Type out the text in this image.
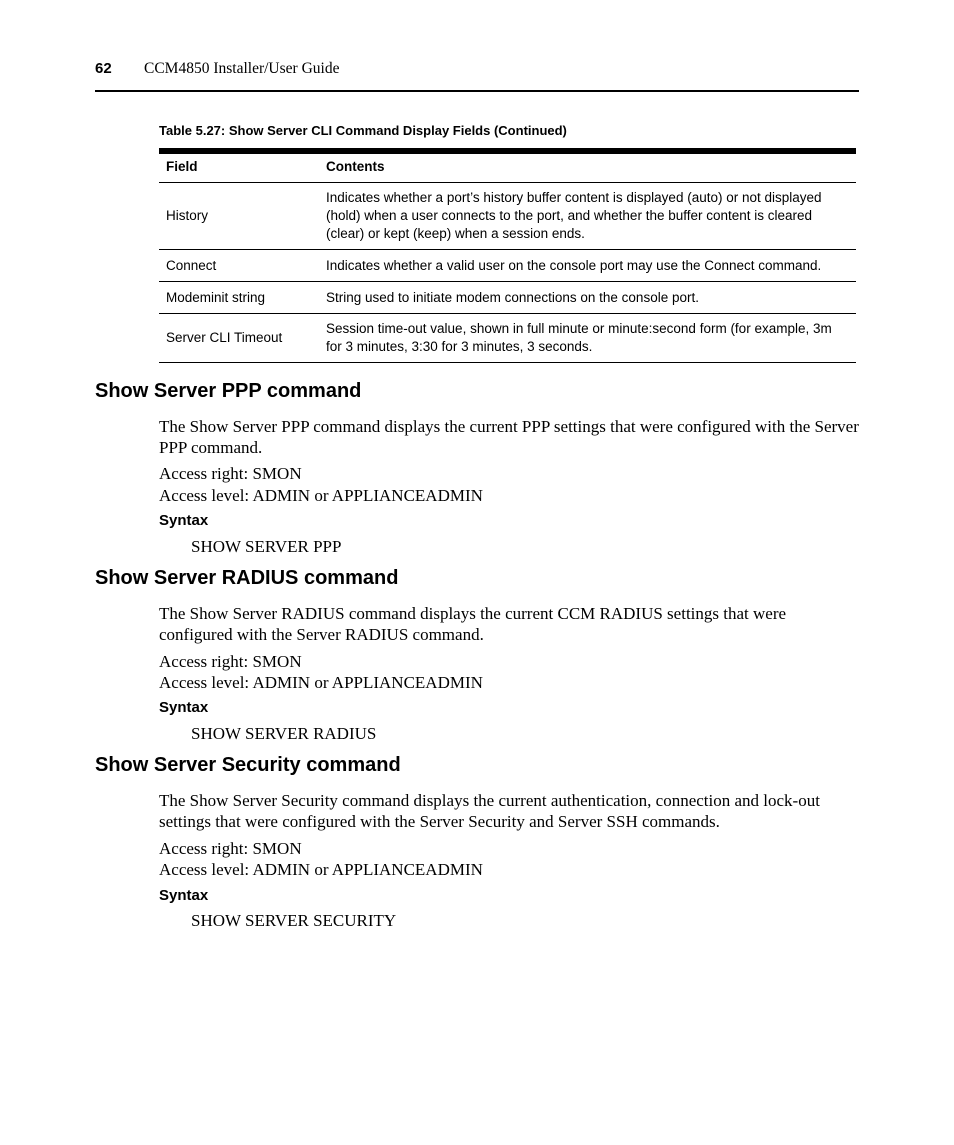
62 CCM4850 Installer/User Guide
Table 5.27: Show Server CLI Command Display Fields (Continued)
Field	Contents
History	Indicates whether a port’s history buffer content is displayed (auto) or not displayed (hold) when a user connects to the port, and whether the buffer content is cleared (clear) or kept (keep) when a session ends.
Connect	Indicates whether a valid user on the console port may use the Connect command.
Modeminit string	String used to initiate modem connections on the console port.
Server CLI Timeout	Session time-out value, shown in full minute or minute:second form (for example, 3m for 3 minutes, 3:30 for 3 minutes, 3 seconds.
Show Server PPP command

The Show Server PPP command displays the current PPP settings that were configured with the Server PPP command.

Access right: SMON

Access level: ADMIN or APPLIANCEADMIN

Syntax
SHOW SERVER PPP
Show Server RADIUS command

The Show Server RADIUS command displays the current CCM RADIUS settings that were configured with the Server RADIUS command.

Access right: SMON

Access level: ADMIN or APPLIANCEADMIN

Syntax
SHOW SERVER RADIUS
Show Server Security command

The Show Server Security command displays the current authentication, connection and lock-out settings that were configured with the Server Security and Server SSH commands.

Access right: SMON

Access level: ADMIN or APPLIANCEADMIN

Syntax
SHOW SERVER SECURITY
